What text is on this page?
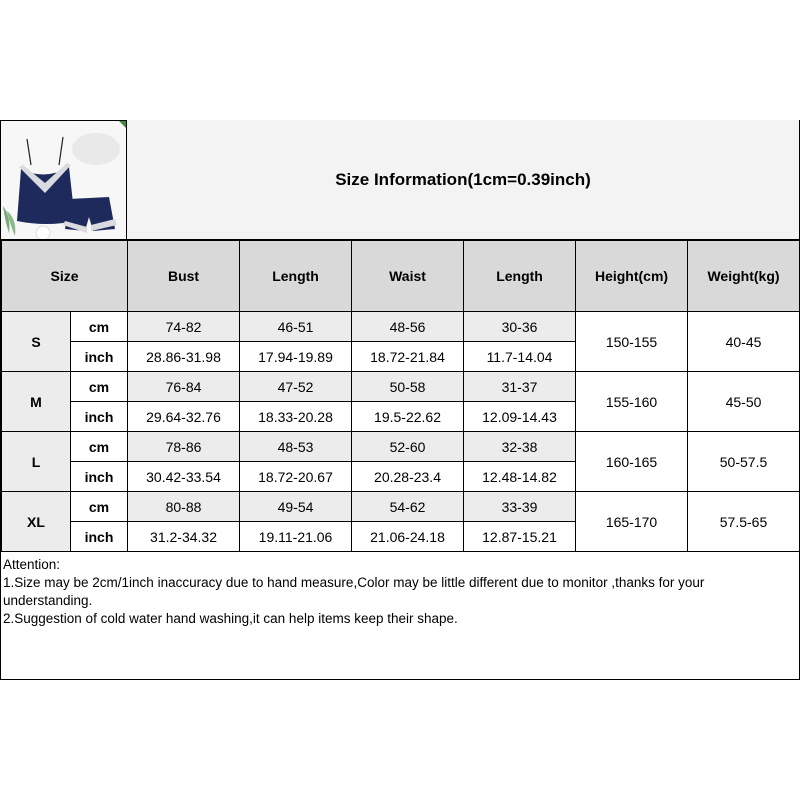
Size Information(1cm=0.39inch)
Size		Bust	Length	Waist	Length	Height(cm)	Weight(kg)
S	cm	74-82	46-51	48-56	30-36	150-155	40-45
	inch	28.86-31.98	17.94-19.89	18.72-21.84	11.7-14.04		
M	cm	76-84	47-52	50-58	31-37	155-160	45-50
	inch	29.64-32.76	18.33-20.28	19.5-22.62	12.09-14.43		
L	cm	78-86	48-53	52-60	32-38	160-165	50-57.5
	inch	30.42-33.54	18.72-20.67	20.28-23.4	12.48-14.82		
XL	cm	80-88	49-54	54-62	33-39	165-170	57.5-65
	inch	31.2-34.32	19.11-21.06	21.06-24.18	12.87-15.21		
Attention:
1.Size may be 2cm/1inch inaccuracy due to hand measure,Color may be little different due to monitor ,thanks for your
understanding.
2.Suggestion of cold water hand washing,it can help items keep their shape.
